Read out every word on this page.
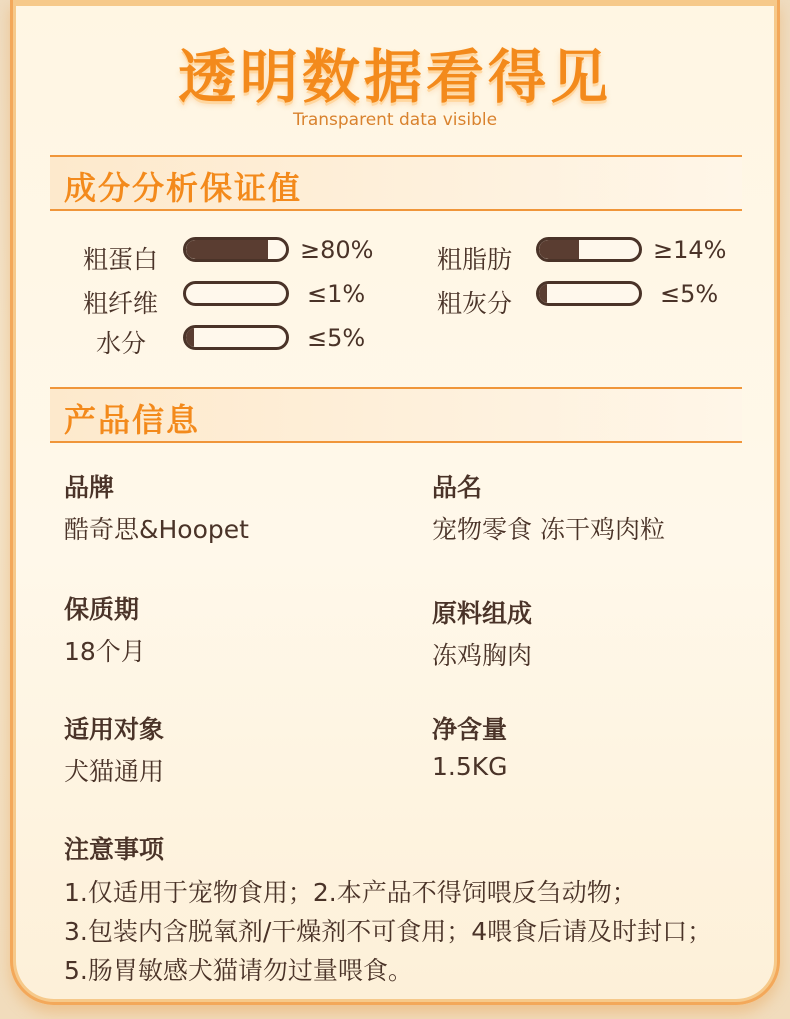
透明数据看得见
Transparent data visible
成分分析保证值
粗蛋白	≥80%	粗脂肪	≥14%
粗纤维	≤1%	粗灰分	≤5%
水分	≤5%
产品信息
品牌
酷奇思&Hoopet
品名
宠物零食 冻干鸡肉粒
保质期
18个月
原料组成
冻鸡胸肉
适用对象
犬猫通用
净含量
1.5KG
注意事项
1.仅适用于宠物食用；2.本产品不得饲喂反刍动物；
3.包装内含脱氧剂/干燥剂不可食用；4喂食后请及时封口；
5.肠胃敏感犬猫请勿过量喂食。
